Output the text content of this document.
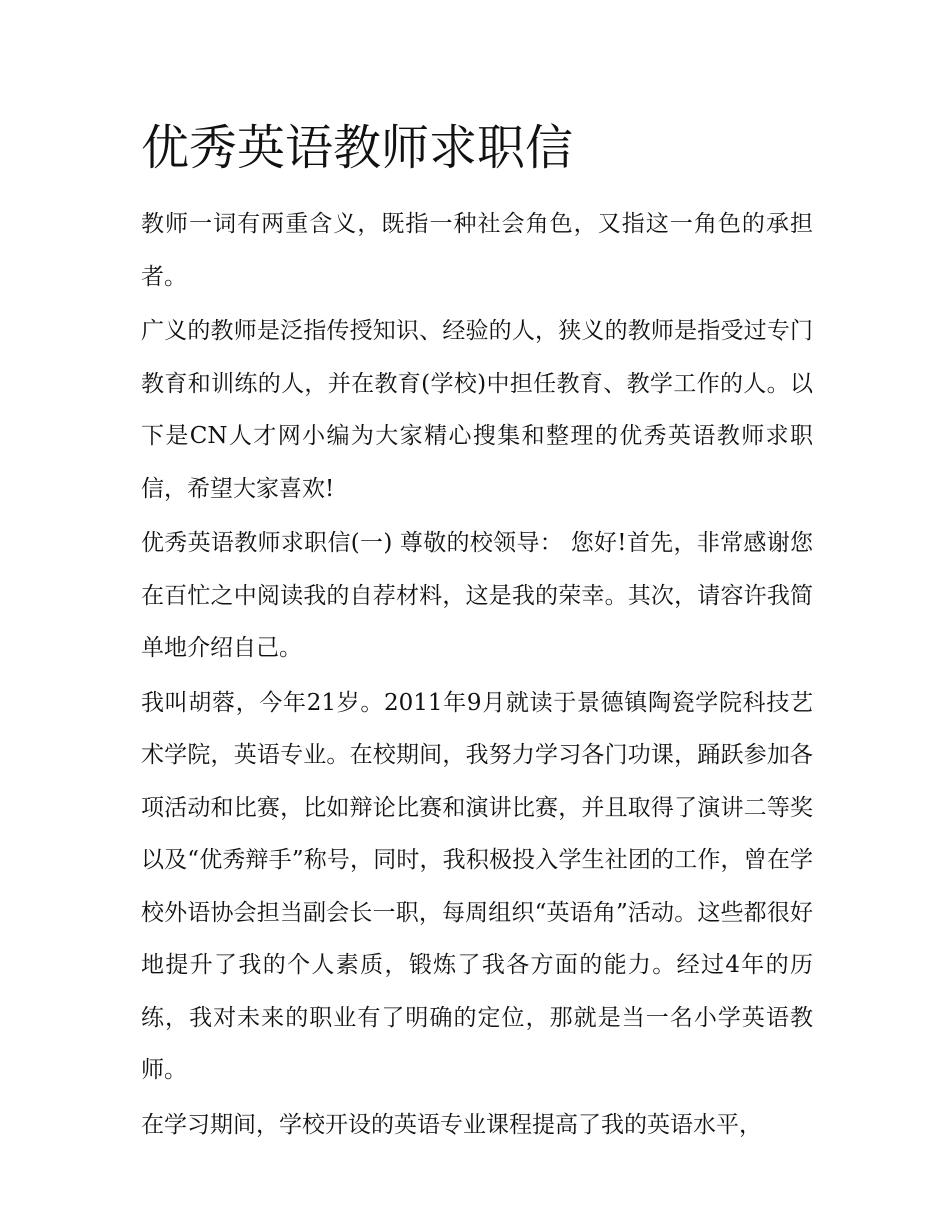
优秀英语教师求职信

教师一词有两重含义，既指一种社会角色，又指这一角色的承担者。

广义的教师是泛指传授知识、经验的人，狭义的教师是指受过专门教育和训练的人，并在教育(学校)中担任教育、教学工作的人。以下是CN人才网小编为大家精心搜集和整理的优秀英语教师求职信，希望大家喜欢!

优秀英语教师求职信(一) 尊敬的校领导： 您好!首先，非常感谢您在百忙之中阅读我的自荐材料，这是我的荣幸。其次，请容许我简单地介绍自己。

我叫胡蓉，今年21岁。2011年9月就读于景德镇陶瓷学院科技艺术学院，英语专业。在校期间，我努力学习各门功课，踊跃参加各项活动和比赛，比如辩论比赛和演讲比赛，并且取得了演讲二等奖以及“优秀辩手”称号，同时，我积极投入学生社团的工作，曾在学校外语协会担当副会长一职，每周组织“英语角”活动。这些都很好地提升了我的个人素质，锻炼了我各方面的能力。经过4年的历练，我对未来的职业有了明确的定位，那就是当一名小学英语教师。

在学习期间，学校开设的英语专业课程提高了我的英语水平，
